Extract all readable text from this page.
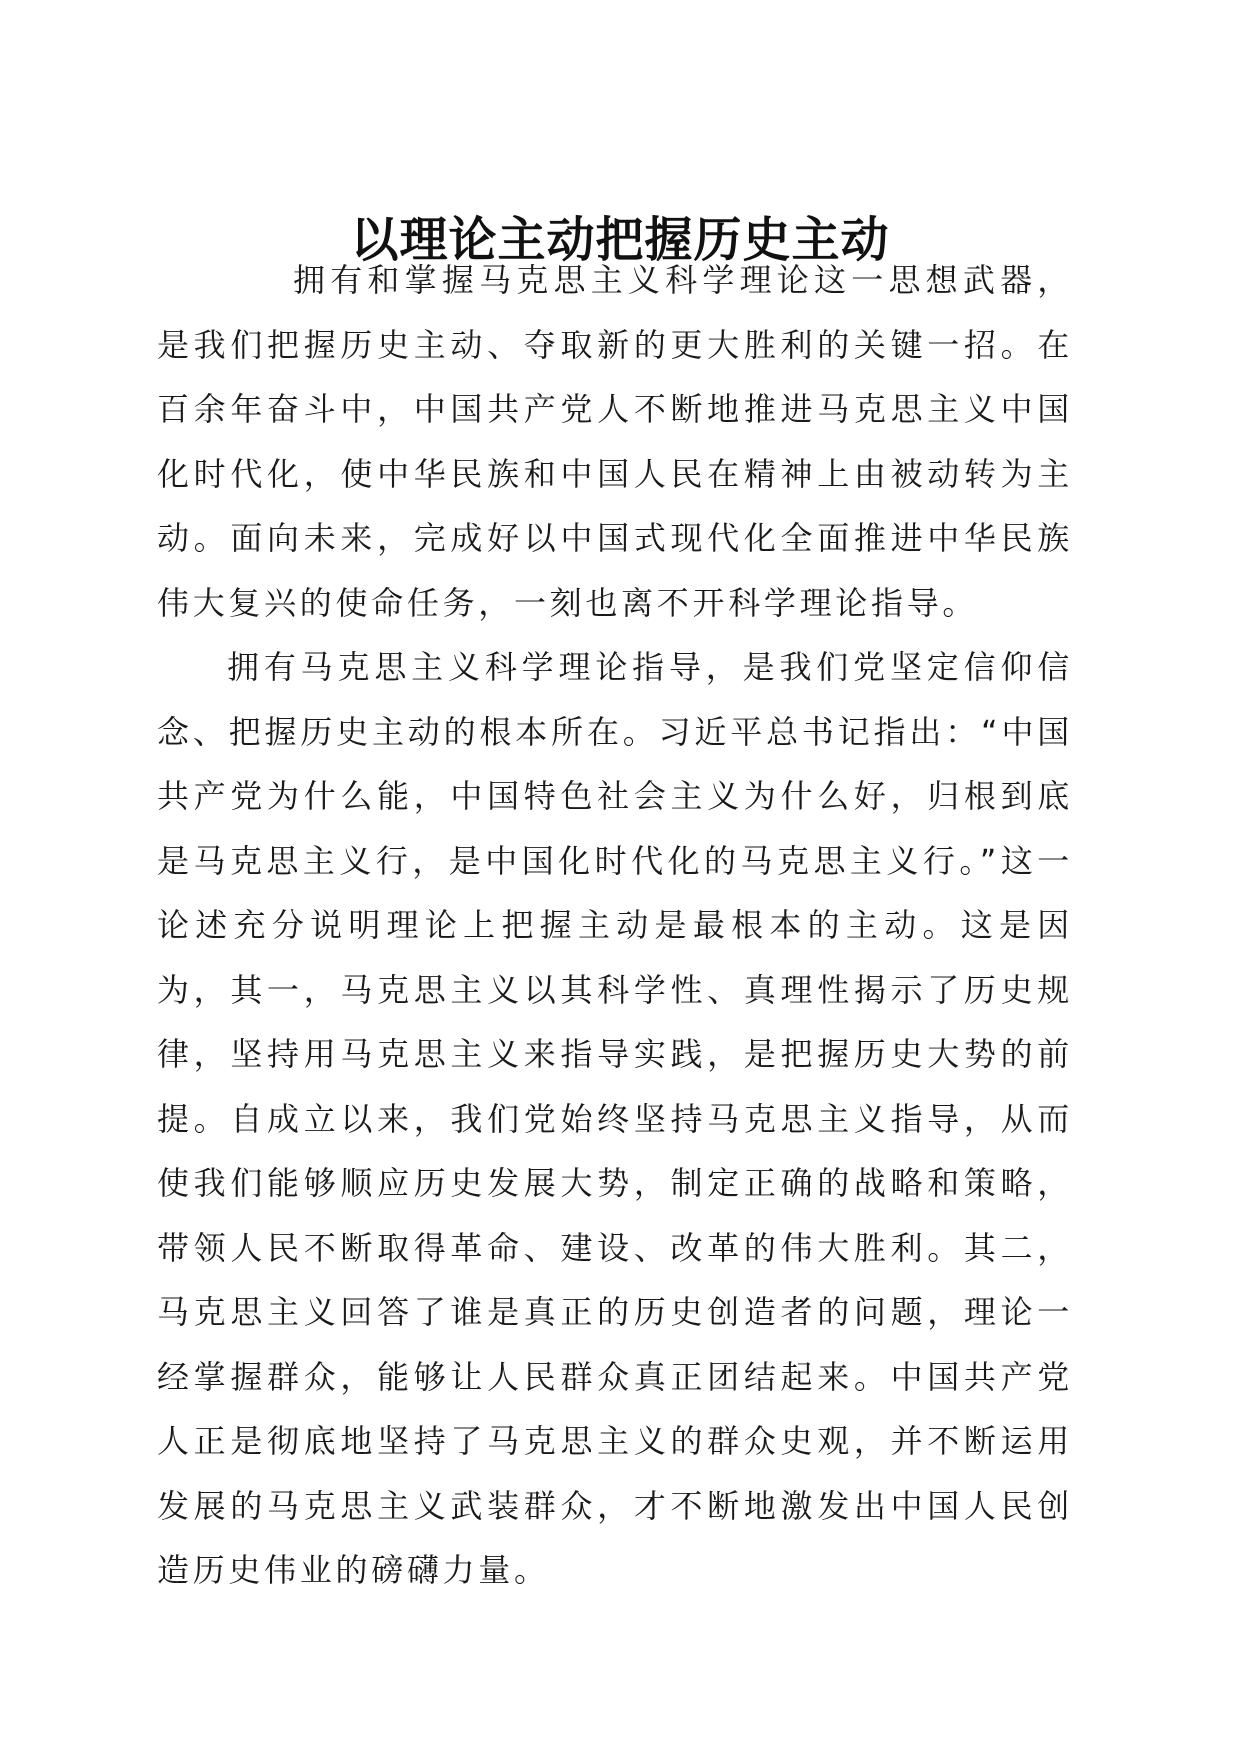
以理论主动把握历史主动

拥有和掌握马克思主义科学理论这一思想武器，是我们把握历史主动、夺取新的更大胜利的关键一招。在百余年奋斗中，中国共产党人不断地推进马克思主义中国化时代化，使中华民族和中国人民在精神上由被动转为主动。面向未来，完成好以中国式现代化全面推进中华民族伟大复兴的使命任务，一刻也离不开科学理论指导。

拥有马克思主义科学理论指导，是我们党坚定信仰信念、把握历史主动的根本所在。习近平总书记指出：“中国共产党为什么能，中国特色社会主义为什么好，归根到底是马克思主义行，是中国化时代化的马克思主义行。”这一论述充分说明理论上把握主动是最根本的主动。这是因为，其一，马克思主义以其科学性、真理性揭示了历史规律，坚持用马克思主义来指导实践，是把握历史大势的前提。自成立以来，我们党始终坚持马克思主义指导，从而使我们能够顺应历史发展大势，制定正确的战略和策略，带领人民不断取得革命、建设、改革的伟大胜利。其二，马克思主义回答了谁是真正的历史创造者的问题，理论一经掌握群众，能够让人民群众真正团结起来。中国共产党人正是彻底地坚持了马克思主义的群众史观，并不断运用发展的马克思主义武装群众，才不断地激发出中国人民创造历史伟业的磅礴力量。
